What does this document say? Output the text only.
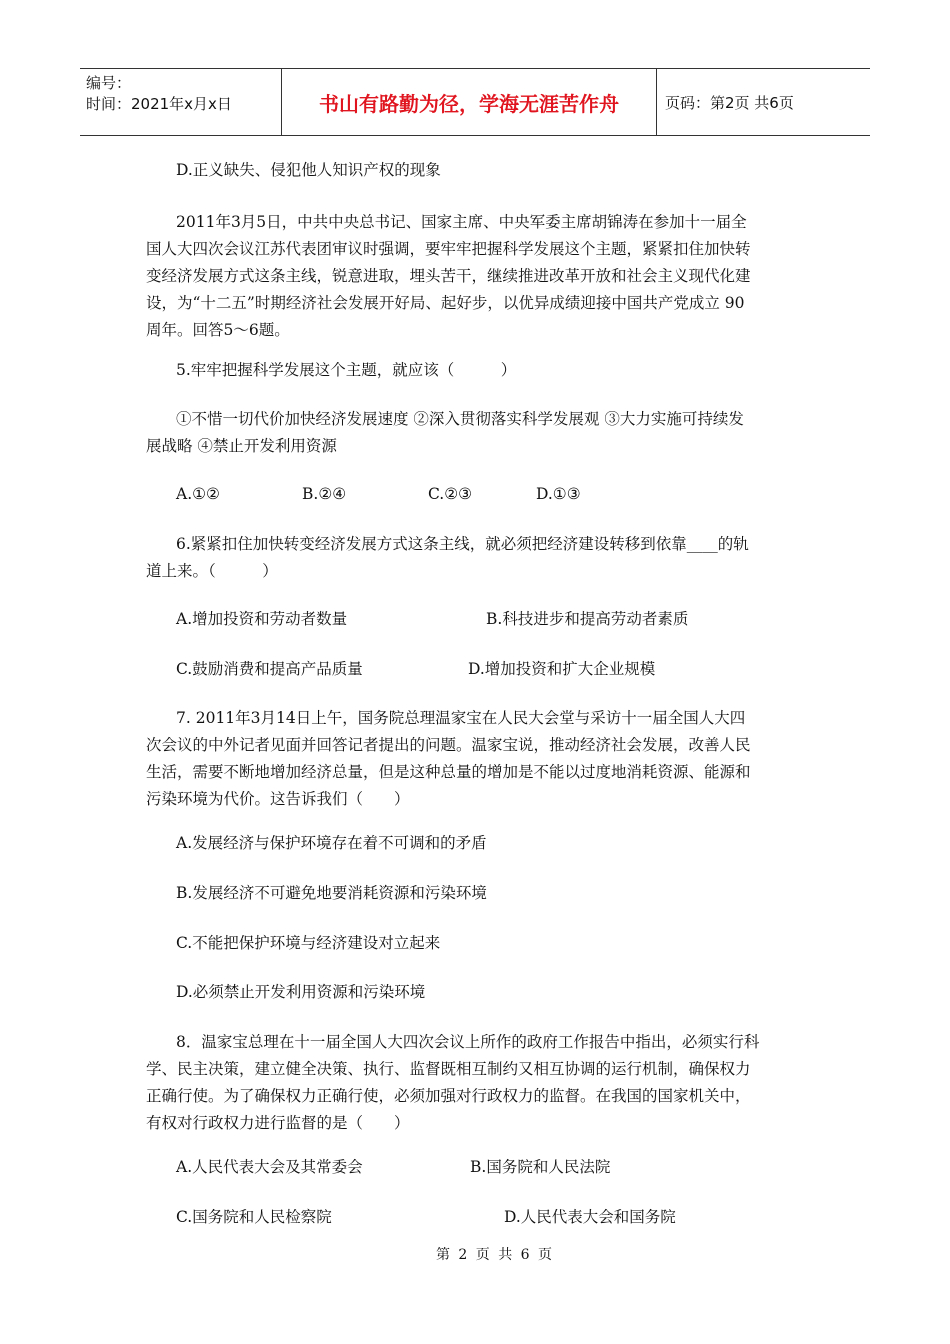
编号：
时间：2021年x月x日	书山有路勤为径，学海无涯苦作舟	页码：第2页 共6页
D.正义缺失、侵犯他人知识产权的现象
2011年3月5日，中共中央总书记、国家主席、中央军委主席胡锦涛在参加十一届全
国人大四次会议江苏代表团审议时强调，要牢牢把握科学发展这个主题，紧紧扣住加快转
变经济发展方式这条主线，锐意进取，埋头苦干，继续推进改革开放和社会主义现代化建
设，为“十二五”时期经济社会发展开好局、起好步，以优异成绩迎接中国共产党成立 90
周年。回答5～6题。
5.牢牢把握科学发展这个主题，就应该（　　　）
①不惜一切代价加快经济发展速度 ②深入贯彻落实科学发展观 ③大力实施可持续发
展战略 ④禁止开发利用资源
A.①②	B.②④	C.②③	D.①③
6.紧紧扣住加快转变经济发展方式这条主线，就必须把经济建设转移到依靠____的轨
道上来。（　　　）
A.增加投资和劳动者数量	B.科技进步和提高劳动者素质
C.鼓励消费和提高产品质量	D.增加投资和扩大企业规模
7. 2011年3月14日上午，国务院总理温家宝在人民大会堂与采访十一届全国人大四
次会议的中外记者见面并回答记者提出的问题。温家宝说，推动经济社会发展，改善人民
生活，需要不断地增加经济总量，但是这种总量的增加是不能以过度地消耗资源、能源和
污染环境为代价。这告诉我们（　　）
A.发展经济与保护环境存在着不可调和的矛盾
B.发展经济不可避免地要消耗资源和污染环境
C.不能把保护环境与经济建设对立起来
D.必须禁止开发利用资源和污染环境
8．温家宝总理在十一届全国人大四次会议上所作的政府工作报告中指出，必须实行科
学、民主决策，建立健全决策、执行、监督既相互制约又相互协调的运行机制，确保权力
正确行使。为了确保权力正确行使，必须加强对行政权力的监督。在我国的国家机关中，
有权对行政权力进行监督的是（　　）
A.人民代表大会及其常委会	B.国务院和人民法院
C.国务院和人民检察院	D.人民代表大会和国务院
第 2 页 共 6 页
